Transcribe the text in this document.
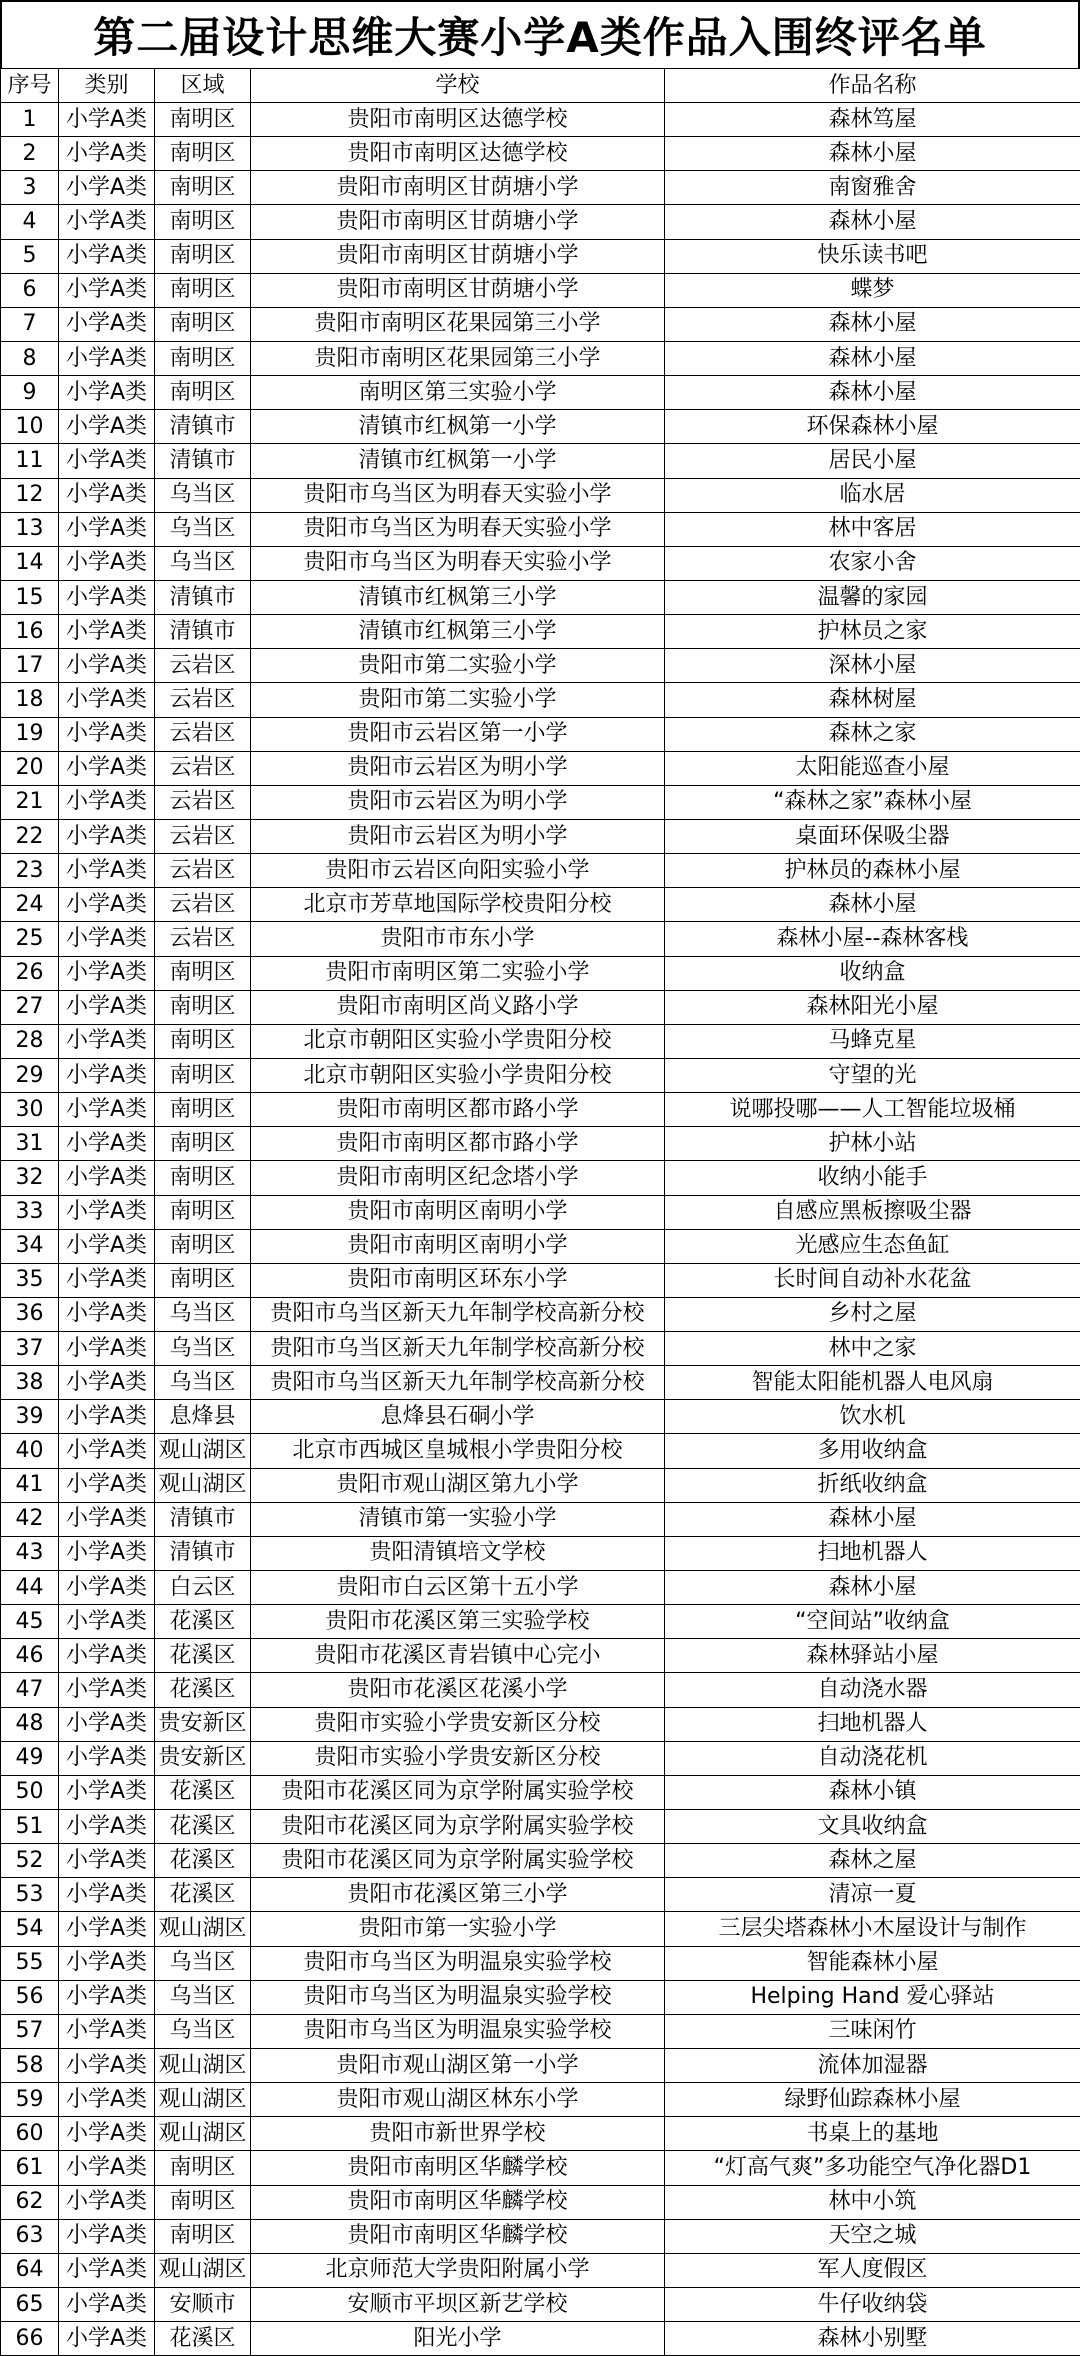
第二届设计思维大赛小学A类作品入围终评名单
序号	类别	区域	学校	作品名称
1	小学A类	南明区	贵阳市南明区达德学校	森林笃屋
2	小学A类	南明区	贵阳市南明区达德学校	森林小屋
3	小学A类	南明区	贵阳市南明区甘荫塘小学	南窗雅舍
4	小学A类	南明区	贵阳市南明区甘荫塘小学	森林小屋
5	小学A类	南明区	贵阳市南明区甘荫塘小学	快乐读书吧
6	小学A类	南明区	贵阳市南明区甘荫塘小学	蝶梦
7	小学A类	南明区	贵阳市南明区花果园第三小学	森林小屋
8	小学A类	南明区	贵阳市南明区花果园第三小学	森林小屋
9	小学A类	南明区	南明区第三实验小学	森林小屋
10	小学A类	清镇市	清镇市红枫第一小学	环保森林小屋
11	小学A类	清镇市	清镇市红枫第一小学	居民小屋
12	小学A类	乌当区	贵阳市乌当区为明春天实验小学	临水居
13	小学A类	乌当区	贵阳市乌当区为明春天实验小学	林中客居
14	小学A类	乌当区	贵阳市乌当区为明春天实验小学	农家小舍
15	小学A类	清镇市	清镇市红枫第三小学	温馨的家园
16	小学A类	清镇市	清镇市红枫第三小学	护林员之家
17	小学A类	云岩区	贵阳市第二实验小学	深林小屋
18	小学A类	云岩区	贵阳市第二实验小学	森林树屋
19	小学A类	云岩区	贵阳市云岩区第一小学	森林之家
20	小学A类	云岩区	贵阳市云岩区为明小学	太阳能巡查小屋
21	小学A类	云岩区	贵阳市云岩区为明小学	“森林之家”森林小屋
22	小学A类	云岩区	贵阳市云岩区为明小学	桌面环保吸尘器
23	小学A类	云岩区	贵阳市云岩区向阳实验小学	护林员的森林小屋
24	小学A类	云岩区	北京市芳草地国际学校贵阳分校	森林小屋
25	小学A类	云岩区	贵阳市市东小学	森林小屋--森林客栈
26	小学A类	南明区	贵阳市南明区第二实验小学	收纳盒
27	小学A类	南明区	贵阳市南明区尚义路小学	森林阳光小屋
28	小学A类	南明区	北京市朝阳区实验小学贵阳分校	马蜂克星
29	小学A类	南明区	北京市朝阳区实验小学贵阳分校	守望的光
30	小学A类	南明区	贵阳市南明区都市路小学	说哪投哪——人工智能垃圾桶
31	小学A类	南明区	贵阳市南明区都市路小学	护林小站
32	小学A类	南明区	贵阳市南明区纪念塔小学	收纳小能手
33	小学A类	南明区	贵阳市南明区南明小学	自感应黑板擦吸尘器
34	小学A类	南明区	贵阳市南明区南明小学	光感应生态鱼缸
35	小学A类	南明区	贵阳市南明区环东小学	长时间自动补水花盆
36	小学A类	乌当区	贵阳市乌当区新天九年制学校高新分校	乡村之屋
37	小学A类	乌当区	贵阳市乌当区新天九年制学校高新分校	林中之家
38	小学A类	乌当区	贵阳市乌当区新天九年制学校高新分校	智能太阳能机器人电风扇
39	小学A类	息烽县	息烽县石硐小学	饮水机
40	小学A类	观山湖区	北京市西城区皇城根小学贵阳分校	多用收纳盒
41	小学A类	观山湖区	贵阳市观山湖区第九小学	折纸收纳盒
42	小学A类	清镇市	清镇市第一实验小学	森林小屋
43	小学A类	清镇市	贵阳清镇培文学校	扫地机器人
44	小学A类	白云区	贵阳市白云区第十五小学	森林小屋
45	小学A类	花溪区	贵阳市花溪区第三实验学校	“空间站”收纳盒
46	小学A类	花溪区	贵阳市花溪区青岩镇中心完小	森林驿站小屋
47	小学A类	花溪区	贵阳市花溪区花溪小学	自动浇水器
48	小学A类	贵安新区	贵阳市实验小学贵安新区分校	扫地机器人
49	小学A类	贵安新区	贵阳市实验小学贵安新区分校	自动浇花机
50	小学A类	花溪区	贵阳市花溪区同为京学附属实验学校	森林小镇
51	小学A类	花溪区	贵阳市花溪区同为京学附属实验学校	文具收纳盒
52	小学A类	花溪区	贵阳市花溪区同为京学附属实验学校	森林之屋
53	小学A类	花溪区	贵阳市花溪区第三小学	清凉一夏
54	小学A类	观山湖区	贵阳市第一实验小学	三层尖塔森林小木屋设计与制作
55	小学A类	乌当区	贵阳市乌当区为明温泉实验学校	智能森林小屋
56	小学A类	乌当区	贵阳市乌当区为明温泉实验学校	Helping Hand 爱心驿站
57	小学A类	乌当区	贵阳市乌当区为明温泉实验学校	三味闲竹
58	小学A类	观山湖区	贵阳市观山湖区第一小学	流体加湿器
59	小学A类	观山湖区	贵阳市观山湖区林东小学	绿野仙踪森林小屋
60	小学A类	观山湖区	贵阳市新世界学校	书桌上的基地
61	小学A类	南明区	贵阳市南明区华麟学校	“灯高气爽”多功能空气净化器D1
62	小学A类	南明区	贵阳市南明区华麟学校	林中小筑
63	小学A类	南明区	贵阳市南明区华麟学校	天空之城
64	小学A类	观山湖区	北京师范大学贵阳附属小学	军人度假区
65	小学A类	安顺市	安顺市平坝区新艺学校	牛仔收纳袋
66	小学A类	花溪区	阳光小学	森林小别墅
